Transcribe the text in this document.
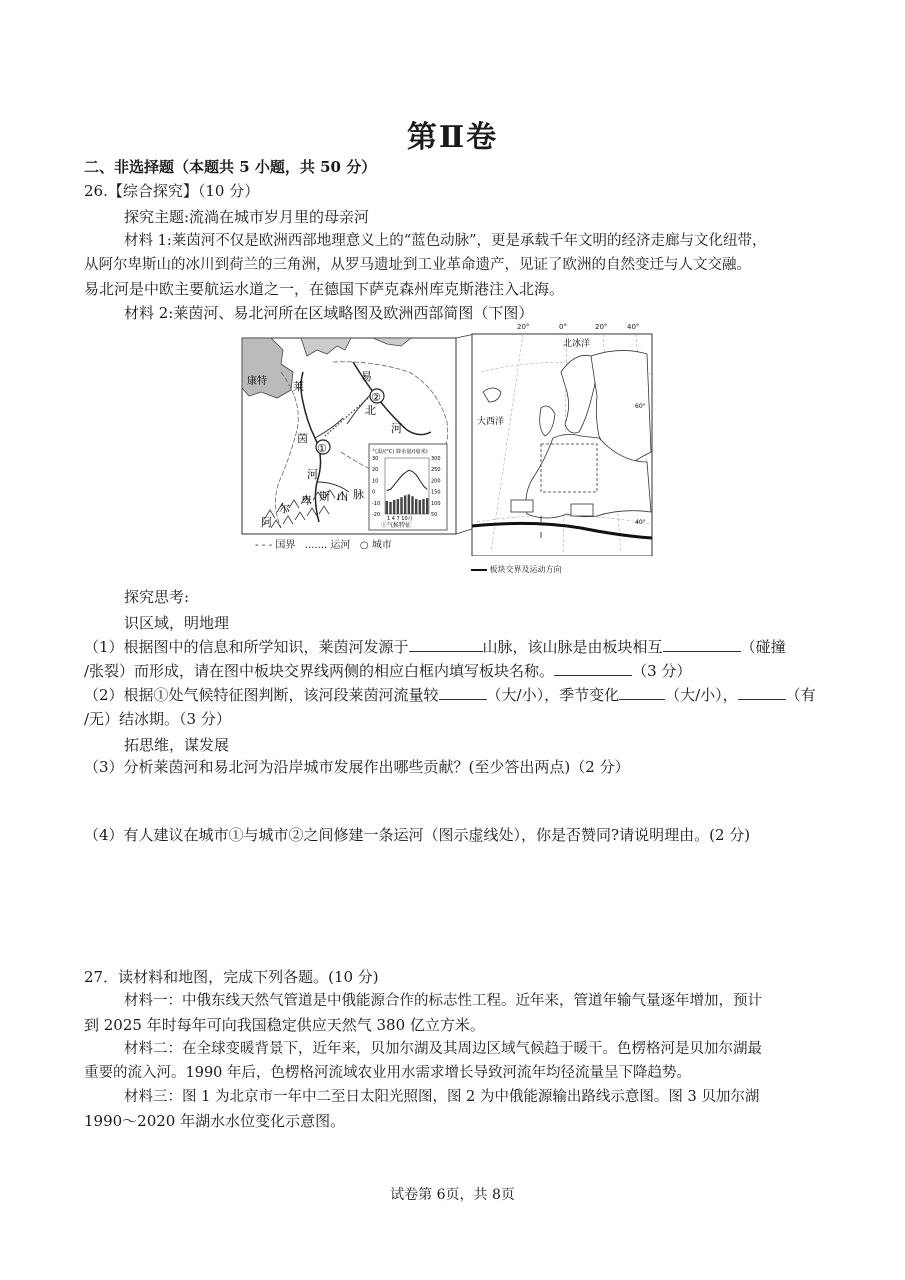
第Ⅱ卷
二、非选择题（本题共 5 小题，共 50 分）
26.【综合探究】（10 分）
探究主题:流淌在城市岁月里的母亲河
材料 1:莱茵河不仅是欧洲西部地理意义上的“蓝色动脉”，更是承载千年文明的经济走廊与文化纽带，
从阿尔卑斯山的冰川到荷兰的三角洲，从罗马遗址到工业革命遗产，见证了欧洲的自然变迁与人文交融。
易北河是中欧主要航运水道之一，在德国下萨克森州库克斯港注入北海。
材料 2:莱茵河、易北河所在区域略图及欧洲西部简图（下图）
①
②
康特 莱
茵
河
易
北
河
阿
尔
卑 斯 山 脉
气温/(°C) 降水量/(毫米)
30
20
10
0
-10
-20
300
250
200
150
100
50
1 4 7 10月
①气候特征
- - - 国界 ....... 运河 ○ 城市
北冰洋
大西洋
60°
40°
20°	0°	20°	40°
板块交界及运动方向
探究思考:
识区域，明地理
（1）根据图中的信息和所学知识，莱茵河发源于	山脉，该山脉是由板块相互	（碰撞
/张裂）而形成，请在图中板块交界线两侧的相应白框内填写板块名称。	（3 分）
（2）根据①处气候特征图判断，该河段莱茵河流量较	（大/小），季节变化	（大/小），	（有
/无）结冰期。（3 分）
拓思维，谋发展
（3）分析莱茵河和易北河为沿岸城市发展作出哪些贡献？(至少答出两点)（2 分）
（4）有人建议在城市①与城市②之间修建一条运河（图示虚线处），你是否赞同?请说明理由。(2 分)
27．读材料和地图，完成下列各题。(10 分)
材料一：中俄东线天然气管道是中俄能源合作的标志性工程。近年来，管道年输气量逐年增加，预计
到 2025 年时每年可向我国稳定供应天然气 380 亿立方米。
材料二：在全球变暖背景下，近年来，贝加尔湖及其周边区域气候趋于暖干。色楞格河是贝加尔湖最
重要的流入河。1990 年后，色楞格河流域农业用水需求增长导致河流年均径流量呈下降趋势。
材料三：图 1 为北京市一年中二至日太阳光照图，图 2 为中俄能源输出路线示意图。图 3 贝加尔湖
1990～2020 年湖水水位变化示意图。
试卷第 6页，共 8页
